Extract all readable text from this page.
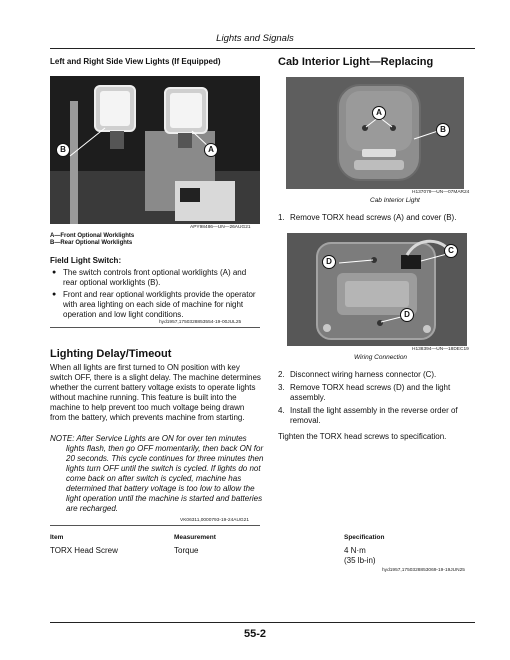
Lights and Signals
Left and Right Side View Lights (If Equipped)
B	A
APY98486—UN—26AUG21
A—Front Optional Worklights
B—Rear Optional Worklights
Field Light Switch:
● The switch controls front optional worklights (A) and rear optional worklights (B).
● Front and rear optional worklights provide the operator with area lighting on each side of machine for night operation and low light conditions.
hyd1957,1750328853554-19-00JUL25
Lighting Delay/Timeout
When all lights are first turned to ON position with key switch OFF, there is a slight delay. The machine determines whether the current battery voltage exists to operate lights without machine running. This feature is built into the machine to help prevent too much voltage being drawn from the battery, which prevents machine from starting.
NOTE: After Service Lights are ON for over ten minutes
lights flash, then go OFF momentarily, then back ON for 20 seconds. This cycle continues for three minutes then lights turn OFF until the switch is cycled. If lights do not come back on after switch is cycled, machine has determined that battery voltage is too low to allow the light operation until the machine is started and batteries are recharged.
VK06311,0000793-19-24AUG21
Cab Interior Light—Replacing
A
B
H137079—UN—07MAR24
Cab Interior Light
1. Remove TORX head screws (A) and cover (B).
D
C
D
H138394—UN—18DEC19
Wiring Connection
2. Disconnect wiring harness connector (C).
3. Remove TORX head screws (D) and the light assembly.
4. Install the light assembly in the reverse order of removal.
Tighten the TORX head screws to specification.
Item	Measurement	Specification
TORX Head Screw	Torque	4 N·m
(35 lb-in)
hyd1957,1750328853069-19-19JUN25
55-2
